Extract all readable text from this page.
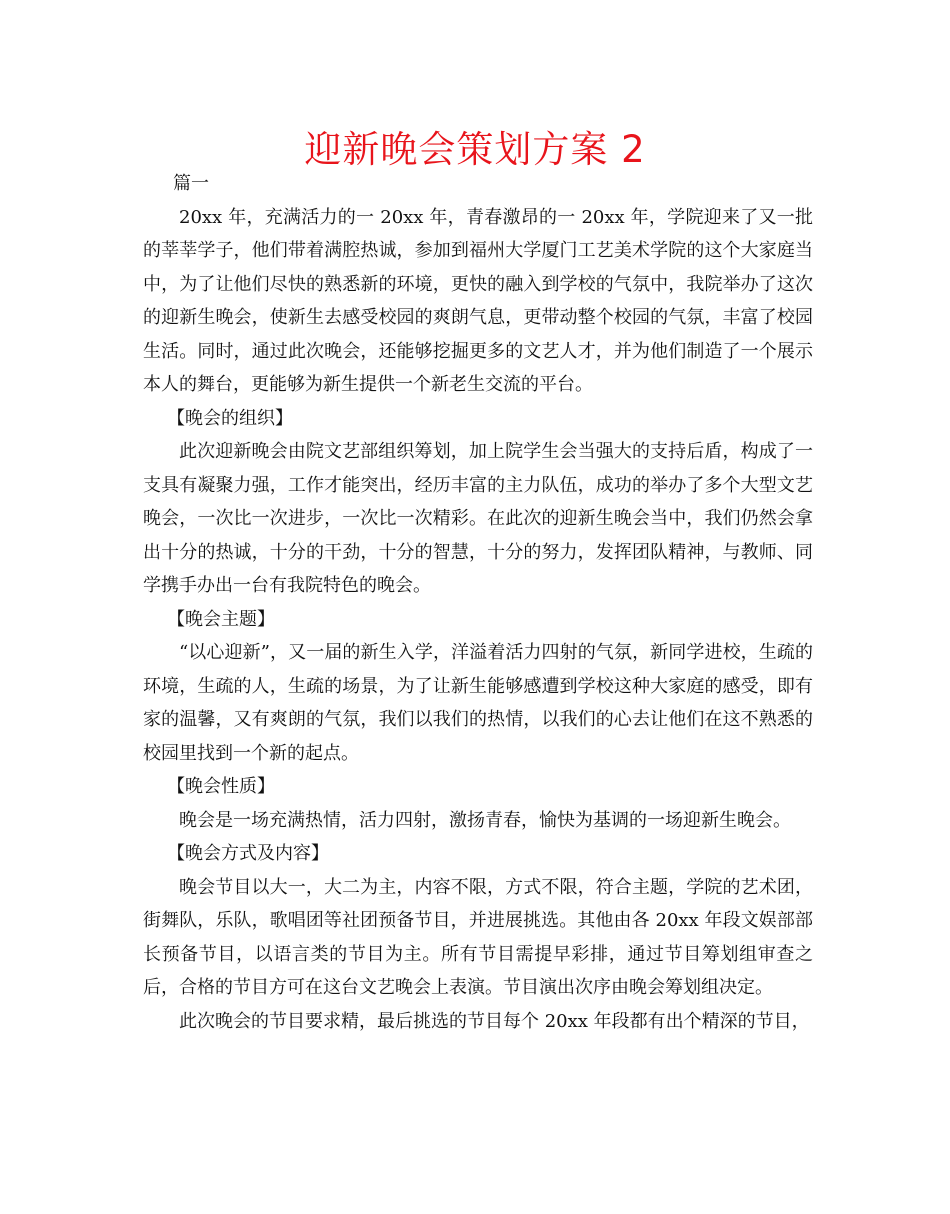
迎新晚会策划方案 2

篇一

20xx 年，充满活力的一 20xx 年，青春激昂的一 20xx 年，学院迎来了又一批的莘莘学子，他们带着满腔热诚，参加到福州大学厦门工艺美术学院的这个大家庭当中，为了让他们尽快的熟悉新的环境，更快的融入到学校的气氛中，我院举办了这次的迎新生晚会，使新生去感受校园的爽朗气息，更带动整个校园的气氛，丰富了校园生活。同时，通过此次晚会，还能够挖掘更多的文艺人才，并为他们制造了一个展示本人的舞台，更能够为新生提供一个新老生交流的平台。

【晚会的组织】

此次迎新晚会由院文艺部组织筹划，加上院学生会当强大的支持后盾，构成了一支具有凝聚力强，工作才能突出，经历丰富的主力队伍，成功的举办了多个大型文艺晚会，一次比一次进步，一次比一次精彩。在此次的迎新生晚会当中，我们仍然会拿出十分的热诚，十分的干劲，十分的智慧，十分的努力，发挥团队精神，与教师、同学携手办出一台有我院特色的晚会。

【晚会主题】

“以心迎新”，又一届的新生入学，洋溢着活力四射的气氛，新同学进校，生疏的环境，生疏的人，生疏的场景，为了让新生能够感遭到学校这种大家庭的感受，即有家的温馨，又有爽朗的气氛，我们以我们的热情，以我们的心去让他们在这不熟悉的校园里找到一个新的起点。

【晚会性质】

晚会是一场充满热情，活力四射，激扬青春，愉快为基调的一场迎新生晚会。

【晚会方式及内容】

晚会节目以大一，大二为主，内容不限，方式不限，符合主题，学院的艺术团，街舞队，乐队，歌唱团等社团预备节目，并进展挑选。其他由各 20xx 年段文娱部部长预备节目，以语言类的节目为主。所有节目需提早彩排，通过节目筹划组审查之后，合格的节目方可在这台文艺晚会上表演。节目演出次序由晚会筹划组决定。

此次晚会的节目要求精，最后挑选的节目每个 20xx 年段都有出个精深的节目，
